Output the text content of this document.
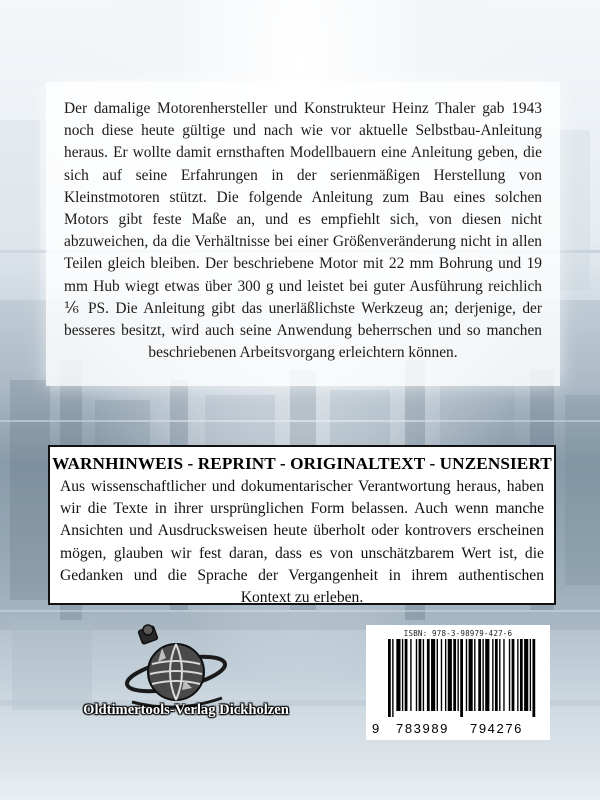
Der damalige Motorenhersteller und Konstrukteur Heinz Thaler gab 1943 noch diese heute gültige und nach wie vor aktuelle Selbstbau-Anleitung heraus. Er wollte damit ernsthaften Modellbauern eine Anleitung geben, die sich auf seine Erfahrungen in der serienmäßigen Herstellung von Kleinstmotoren stützt. Die folgende Anleitung zum Bau eines solchen Motors gibt feste Maße an, und es empfiehlt sich, von diesen nicht abzuweichen, da die Verhältnisse bei einer Größenveränderung nicht in allen Teilen gleich bleiben. Der beschriebene Motor mit 22 mm Bohrung und 19 mm Hub wiegt etwas über 300 g und leistet bei guter Ausführung reichlich ⅙ PS. Die Anleitung gibt das unerläßlichste Werkzeug an; derjenige, der besseres besitzt, wird auch seine Anwendung beherrschen und so manchen beschriebenen Arbeitsvorgang erleichtern können.
WARNHINWEIS - REPRINT - ORIGINALTEXT - UNZENSIERT
Aus wissenschaftlicher und dokumentarischer Verantwortung heraus, haben wir die Texte in ihrer ursprünglichen Form belassen. Auch wenn manche Ansichten und Ausdrucksweisen heute überholt oder kontrovers erscheinen mögen, glauben wir fest daran, dass es von unschätzbarem Wert ist, die Gedanken und die Sprache der Vergangenheit in ihrem authentischen Kontext zu erleben.
Oldtimertools-Verlag Dickholzen
ISBN: 978-3-98979-427-6
9 783989 794276
